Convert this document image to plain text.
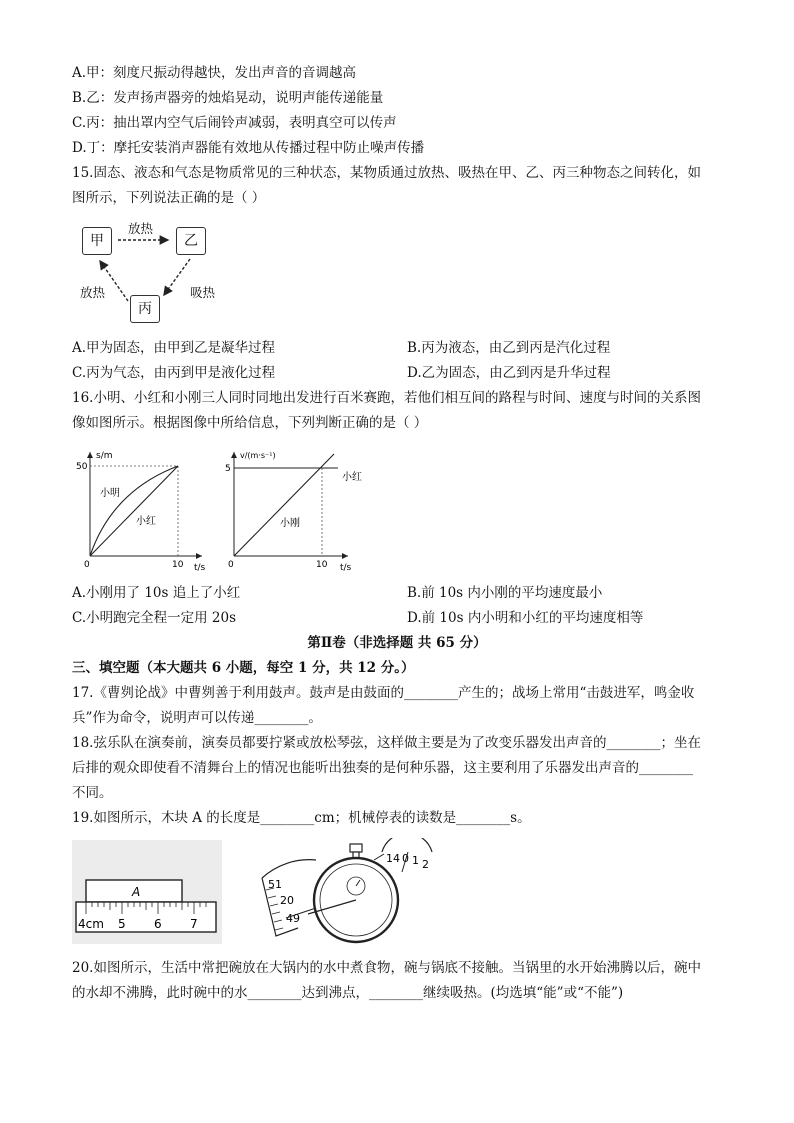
A.甲：刻度尺振动得越快，发出声音的音调越高
B.乙：发声扬声器旁的烛焰晃动，说明声能传递能量
C.丙：抽出罩内空气后闹铃声减弱，表明真空可以传声
D.丁：摩托安装消声器能有效地从传播过程中防止噪声传播
15.固态、液态和气态是物质常见的三种状态，某物质通过放热、吸热在甲、乙、丙三种物态之间转化，如
图所示，下列说法正确的是（ ）
甲	乙
丙
放热
吸热
放热
A.甲为固态，由甲到乙是凝华过程	B.丙为液态，由乙到丙是汽化过程
C.丙为气态，由丙到甲是液化过程	D.乙为固态，由乙到丙是升华过程
16.小明、小红和小刚三人同时同地出发进行百米赛跑，若他们相互间的路程与时间、速度与时间的关系图
像如图所示。根据图像中所给信息，下列判断正确的是（ ）
s/m
50
0	10 t/s
小明
小红
v/(m·s⁻¹)
5
0	10 t/s
小刚
小红
A.小刚用了 10s 追上了小红	B.前 10s 内小刚的平均速度最小
C.小明跑完全程一定用 20s	D.前 10s 内小明和小红的平均速度相等
第Ⅱ卷（非选择题 共 65 分）
三、填空题（本大题共 6 小题，每空 1 分，共 12 分。）
17.《曹刿论战》中曹刿善于利用鼓声。鼓声是由鼓面的________产生的；战场上常用“击鼓进军，鸣金收
兵”作为命令，说明声可以传递________。
18.弦乐队在演奏前，演奏员都要拧紧或放松琴弦，这样做主要是为了改变乐器发出声音的________；坐在
后排的观众即使看不清舞台上的情况也能听出独奏的是何种乐器，这主要利用了乐器发出声音的________
不同。
19.如图所示，木块 A 的长度是________cm；机械停表的读数是________s。
A
4cm 5 6 7
51
20
49
14 0 1 2
20.如图所示，生活中常把碗放在大锅内的水中煮食物，碗与锅底不接触。当锅里的水开始沸腾以后，碗中
的水却不沸腾，此时碗中的水________达到沸点，________继续吸热。(均选填“能”或“不能”)
